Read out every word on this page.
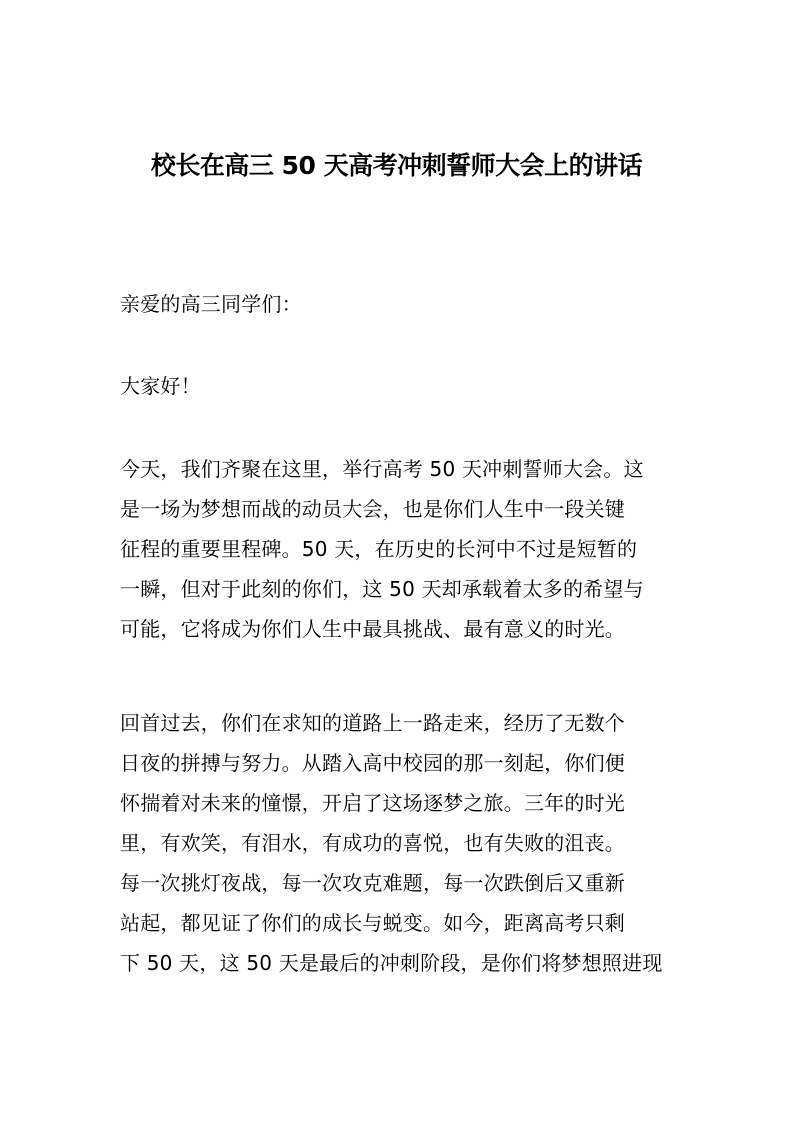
校长在高三 50 天高考冲刺誓师大会上的讲话
亲爱的高三同学们：
大家好！

今天，我们齐聚在这里，举行高考 50 天冲刺誓师大会。这
是一场为梦想而战的动员大会，也是你们人生中一段关键
征程的重要里程碑。50 天，在历史的长河中不过是短暂的
一瞬，但对于此刻的你们，这 50 天却承载着太多的希望与
可能，它将成为你们人生中最具挑战、最有意义的时光。

回首过去，你们在求知的道路上一路走来，经历了无数个
日夜的拼搏与努力。从踏入高中校园的那一刻起，你们便
怀揣着对未来的憧憬，开启了这场逐梦之旅。三年的时光
里，有欢笑，有泪水，有成功的喜悦，也有失败的沮丧。
每一次挑灯夜战，每一次攻克难题，每一次跌倒后又重新
站起，都见证了你们的成长与蜕变。如今，距离高考只剩
下 50 天，这 50 天是最后的冲刺阶段，是你们将梦想照进现
